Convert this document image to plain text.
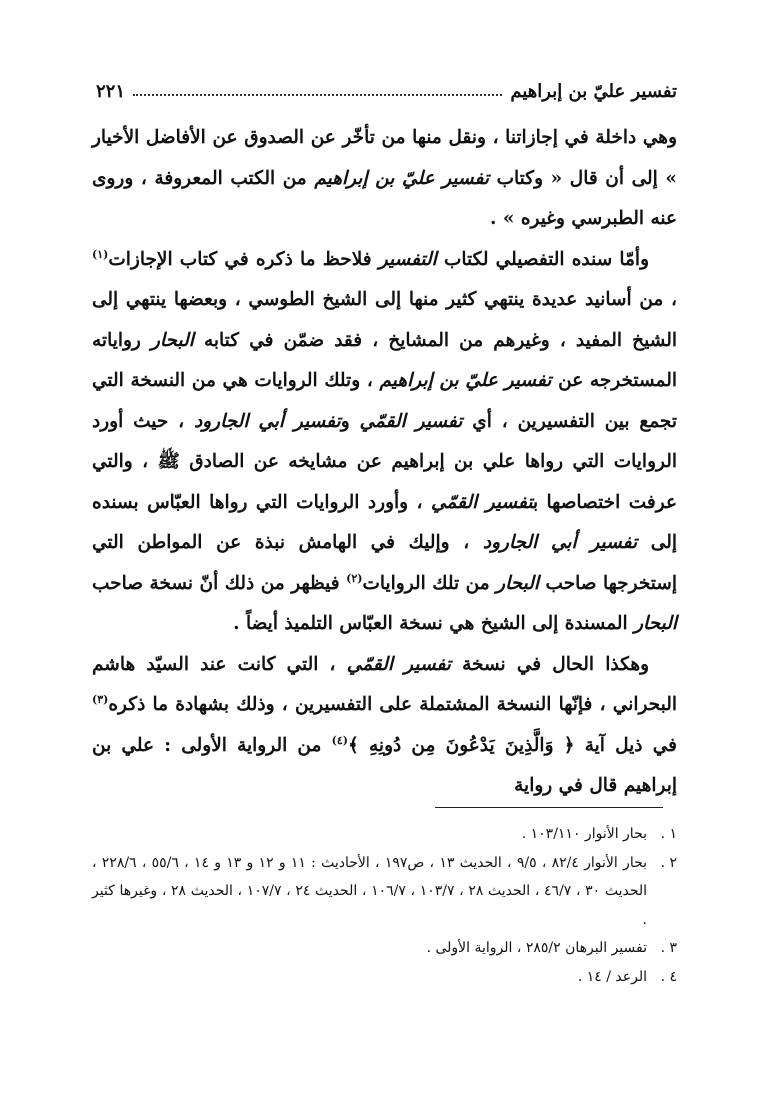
تفسير عليّ بن إبراهيم
٢٢١

وهي داخلة في إجازاتنا ، ونقل منها من تأخّر عن الصدوق عن الأفاضل الأخيار » إلى أن قال « وكتاب تفسير عليّ بن إبراهيم من الكتب المعروفة ، وروى عنه الطبرسي وغيره » .

وأمّا سنده التفصيلي لكتاب التفسير فلاحظ ما ذكره في كتاب الإجازات$^{(١)}$ ، من أسانيد عديدة ينتهي كثير منها إلى الشيخ الطوسي ، وبعضها ينتهي إلى الشيخ المفيد ، وغيرهم من المشايخ ، فقد ضمّن في كتابه البحار رواياته المستخرجه عن تفسير عليّ بن إبراهيم ، وتلك الروايات هي من النسخة التي تجمع بين التفسيرين ، أي تفسير القمّي وتفسير أبي الجارود ، حيث أورد الروايات التي رواها علي بن إبراهيم عن مشايخه عن الصادق ﷺ ، والتي عرفت اختصاصها بتفسير القمّي ، وأورد الروايات التي رواها العبّاس بسنده إلى تفسير أبي الجارود ، وإليك في الهامش نبذة عن المواطن التي إستخرجها صاحب البحار من تلك الروايات$^{(٢)}$ فيظهر من ذلك أنّ نسخة صاحب البحار المسندة إلى الشيخ هي نسخة العبّاس التلميذ أيضاً .

وهكذا الحال في نسخة تفسير القمّي ، التي كانت عند السيّد هاشم البحراني ، فإنّها النسخة المشتملة على التفسيرين ، وذلك بشهادة ما ذكره$^{(٣)}$ في ذيل آية ﴿ وَالَّذِينَ يَدْعُونَ مِن دُونِهِ ﴾$^{(٤)}$ من الرواية الأولى : علي بن إبراهيم قال في رواية

١ .
بحار الأنوار ١٠٣/١١٠ .
٢ .
بحار الأنوار ٨٢/٤ ، ٩/٥ ، الحديث ١٣ ، ص١٩٧ ، الأحاديث : ١١ و ١٢ و ١٣ و ١٤ ، ٥٥/٦ ، ٢٢٨/٦ ، الحديث ٣٠ ، ٤٦/٧ ، الحديث ٢٨ ، ١٠٣/٧ ، ١٠٦/٧ ، الحديث ٢٤ ، ١٠٧/٧ ، الحديث ٢٨ ، وغيرها كثير .
٣ .
تفسير البرهان ٢٨٥/٢ ، الرواية الأولى .
٤ .
الرعد / ١٤ .
